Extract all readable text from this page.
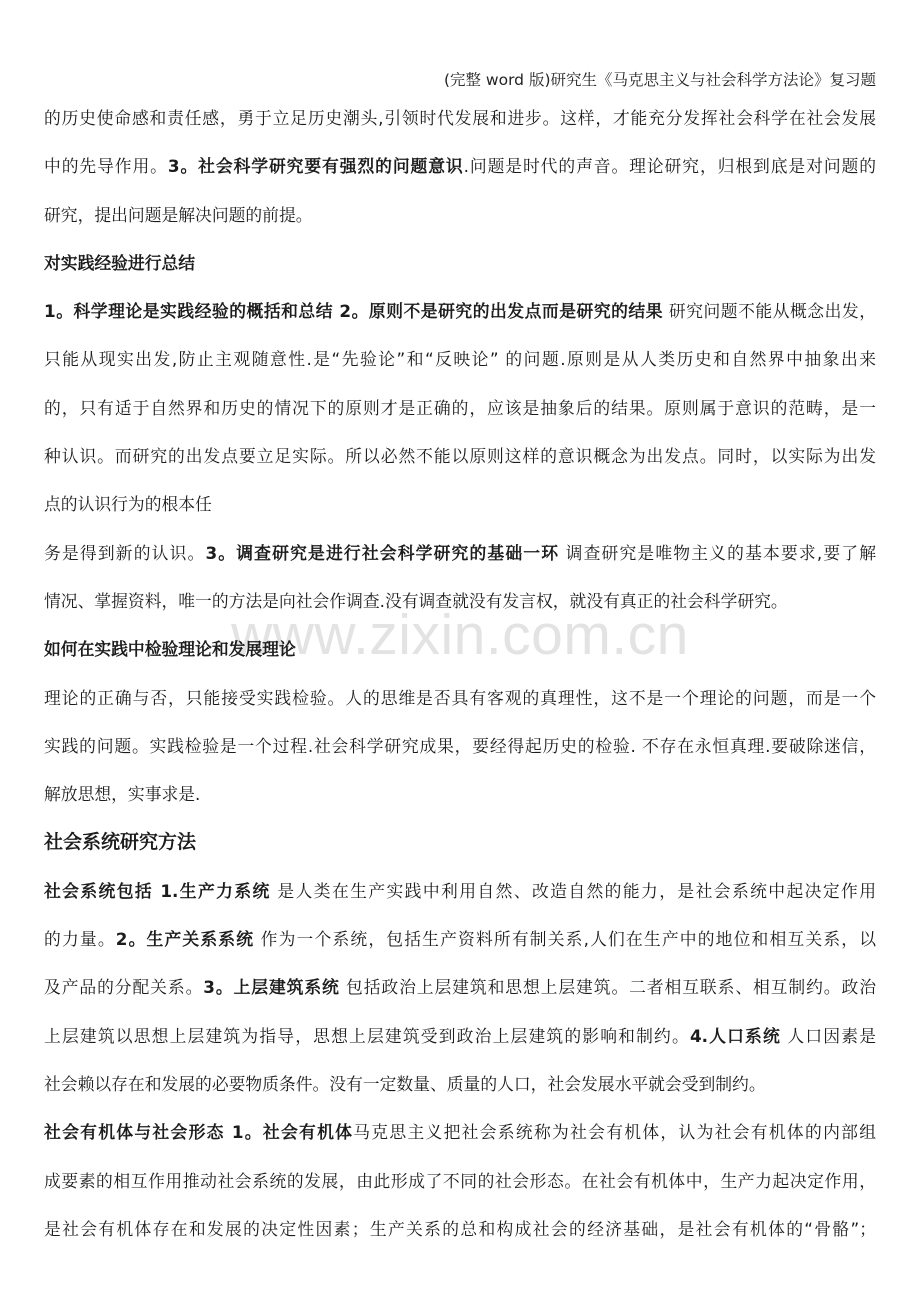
(完整 word 版)研究生《马克思主义与社会科学方法论》复习题
www.zixin.com.cn
的历史使命感和责任感，勇于立足历史潮头,引领时代发展和进步。这样，才能充分发挥社会科学在社会发展
中的先导作用。3。社会科学研究要有强烈的问题意识.问题是时代的声音。理论研究，归根到底是对问题的
研究，提出问题是解决问题的前提。
对实践经验进行总结
1。科学理论是实践经验的概括和总结 2。原则不是研究的出发点而是研究的结果 研究问题不能从概念出发，
只能从现实出发,防止主观随意性.是“先验论”和“反映论” 的问题.原则是从人类历史和自然界中抽象出来
的，只有适于自然界和历史的情况下的原则才是正确的，应该是抽象后的结果。原则属于意识的范畴，是一
种认识。而研究的出发点要立足实际。所以必然不能以原则这样的意识概念为出发点。同时，以实际为出发
点的认识行为的根本任
务是得到新的认识。3。调查研究是进行社会科学研究的基础一环 调查研究是唯物主义的基本要求,要了解
情况、掌握资料，唯一的方法是向社会作调查.没有调查就没有发言权，就没有真正的社会科学研究。
如何在实践中检验理论和发展理论
理论的正确与否，只能接受实践检验。人的思维是否具有客观的真理性，这不是一个理论的问题，而是一个
实践的问题。实践检验是一个过程.社会科学研究成果，要经得起历史的检验. 不存在永恒真理.要破除迷信，
解放思想，实事求是.
社会系统研究方法
社会系统包括 1.生产力系统 是人类在生产实践中利用自然、改造自然的能力，是社会系统中起决定作用
的力量。2。生产关系系统 作为一个系统，包括生产资料所有制关系,人们在生产中的地位和相互关系，以
及产品的分配关系。3。上层建筑系统 包括政治上层建筑和思想上层建筑。二者相互联系、相互制约。政治
上层建筑以思想上层建筑为指导，思想上层建筑受到政治上层建筑的影响和制约。4.人口系统 人口因素是
社会赖以存在和发展的必要物质条件。没有一定数量、质量的人口，社会发展水平就会受到制约。
社会有机体与社会形态 1。社会有机体马克思主义把社会系统称为社会有机体，认为社会有机体的内部组
成要素的相互作用推动社会系统的发展，由此形成了不同的社会形态。在社会有机体中，生产力起决定作用，
是社会有机体存在和发展的决定性因素；生产关系的总和构成社会的经济基础，是社会有机体的“骨骼”；
